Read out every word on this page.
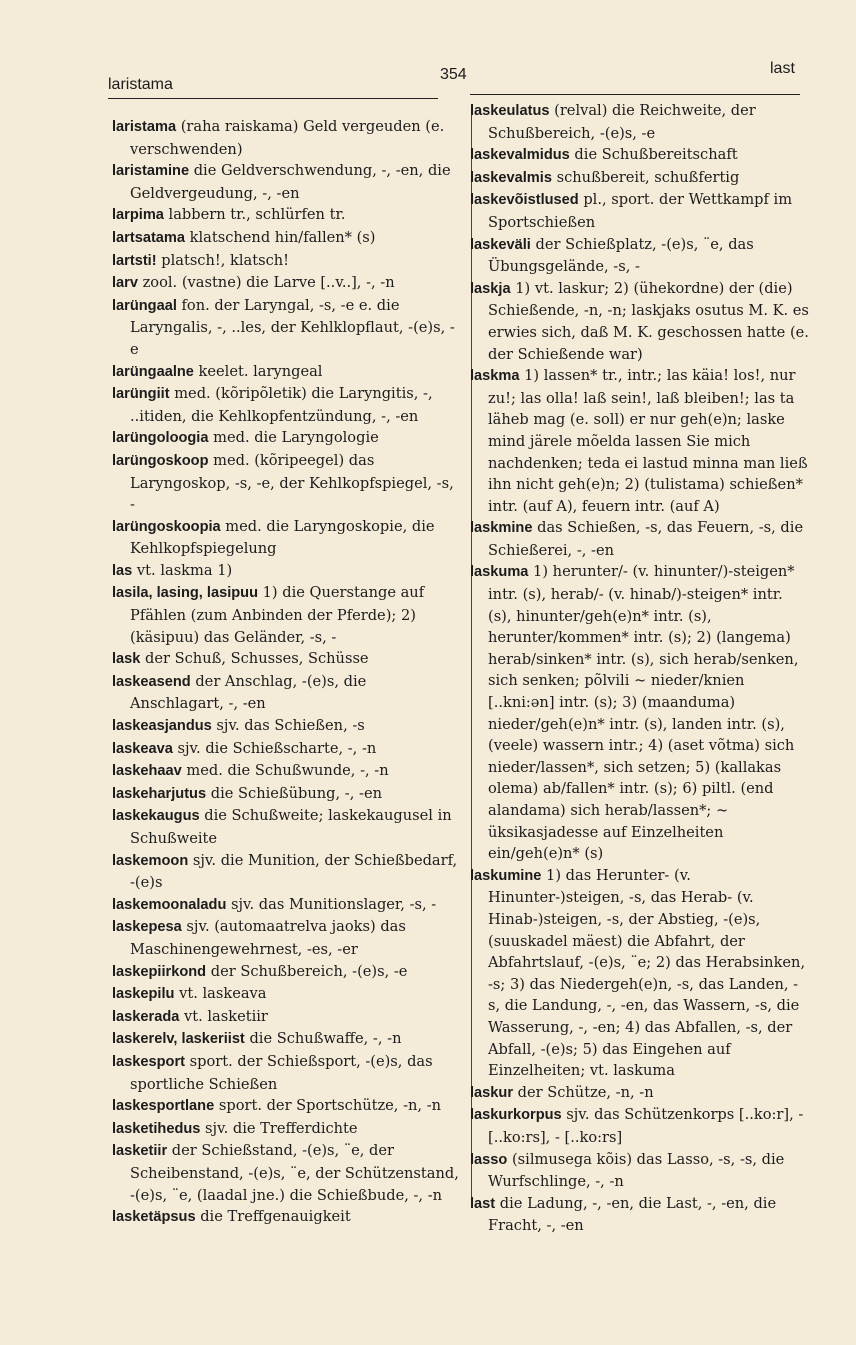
laristama
354	last

laristama (raha raiskama) Geld vergeuden (e. verschwenden)

laristamine die Geldverschwendung, -, -en, die Geldvergeudung, -, -en

larpima labbern tr., schlürfen tr.

lartsatama klatschend hin/fallen* (s)

lartsti! platsch!, klatsch!

larv zool. (vastne) die Larve [..v..], -, -n

larüngaal fon. der Laryngal, -s, -e e. die Laryngalis, -, ..les, der Kehlklopflaut, -(e)s, -e

larüngaalne keelet. laryngeal

larüngiit med. (kõripõletik) die Laryngitis, -, ..itiden, die Kehlkopfentzündung, -, -en

larüngoloogia med. die Laryngologie

larüngoskoop med. (kõripeegel) das Laryngoskop, -s, -e, der Kehlkopfspiegel, -s, -

larüngoskoopia med. die Laryngoskopie, die Kehlkopfspiegelung

las vt. laskma 1)

lasila, lasing, lasipuu 1) die Querstange auf Pfählen (zum Anbinden der Pferde); 2) (käsipuu) das Geländer, -s, -

lask der Schuß, Schusses, Schüsse

laskeasend der Anschlag, -(e)s, die Anschlagart, -, -en

laskeasjandus sjv. das Schießen, -s

laskeava sjv. die Schießscharte, -, -n

laskehaav med. die Schußwunde, -, -n

laskeharjutus die Schießübung, -, -en

laskekaugus die Schußweite; laskekaugusel in Schußweite

laskemoon sjv. die Munition, der Schießbedarf, -(e)s

laskemoonaladu sjv. das Munitionslager, -s, -

laskepesa sjv. (automaatrelva jaoks) das Maschinengewehrnest, -es, -er

laskepiirkond der Schußbereich, -(e)s, -e

laskepilu vt. laskeava

laskerada vt. lasketiir

laskerelv, laskeriist die Schußwaffe, -, -n

laskesport sport. der Schießsport, -(e)s, das sportliche Schießen

laskesportlane sport. der Sportschütze, -n, -n

lasketihedus sjv. die Trefferdichte

lasketiir der Schießstand, -(e)s, ¨e, der Scheibenstand, -(e)s, ¨e, der Schützenstand, -(e)s, ¨e, (laadal jne.) die Schießbude, -, -n

lasketäpsus die Treffgenauigkeit

laskeulatus (relval) die Reichweite, der Schußbereich, -(e)s, -e

laskevalmidus die Schußbereitschaft

laskevalmis schußbereit, schußfertig

laskevõistlused pl., sport. der Wettkampf im Sportschießen

laskeväli der Schießplatz, -(e)s, ¨e, das Übungsgelände, -s, -

laskja 1) vt. laskur; 2) (ühekordne) der (die) Schießende, -n, -n; laskjaks osutus M. K. es erwies sich, daß M. K. geschossen hatte (e. der Schießende war)

laskma 1) lassen* tr., intr.; las käia! los!, nur zu!; las olla! laß sein!, laß bleiben!; las ta läheb mag (e. soll) er nur geh(e)n; laske mind järele mõelda lassen Sie mich nachdenken; teda ei lastud minna man ließ ihn nicht geh(e)n; 2) (tulistama) schießen* intr. (auf A), feuern intr. (auf A)

laskmine das Schießen, -s, das Feuern, -s, die Schießerei, -, -en

laskuma 1) herunter/- (v. hinunter/)-steigen* intr. (s), herab/- (v. hinab/)-steigen* intr. (s), hinunter/geh(e)n* intr. (s), herunter/kommen* intr. (s); 2) (langema) herab/sinken* intr. (s), sich herab/senken, sich senken; põlvili ~ nieder/knien [..kni:ən] intr. (s); 3) (maanduma) nieder/geh(e)n* intr. (s), landen intr. (s), (veele) wassern intr.; 4) (aset võtma) sich nieder/lassen*, sich setzen; 5) (kallakas olema) ab/fallen* intr. (s); 6) piltl. (end alandama) sich herab/lassen*; ~ üksikasjadesse auf Einzelheiten ein/geh(e)n* (s)

laskumine 1) das Herunter- (v. Hinunter-)steigen, -s, das Herab- (v. Hinab-)steigen, -s, der Abstieg, -(e)s, (suuskadel mäest) die Abfahrt, der Abfahrtslauf, -(e)s, ¨e; 2) das Herabsinken, -s; 3) das Niedergeh(e)n, -s, das Landen, -s, die Landung, -, -en, das Wassern, -s, die Wasserung, -, -en; 4) das Abfallen, -s, der Abfall, -(e)s; 5) das Eingehen auf Einzelheiten; vt. laskuma

laskur der Schütze, -n, -n

laskurkorpus sjv. das Schützenkorps [..ko:r], - [..ko:rs], - [..ko:rs]

lasso (silmusega kõis) das Lasso, -s, -s, die Wurfschlinge, -, -n

last die Ladung, -, -en, die Last, -, -en, die Fracht, -, -en
